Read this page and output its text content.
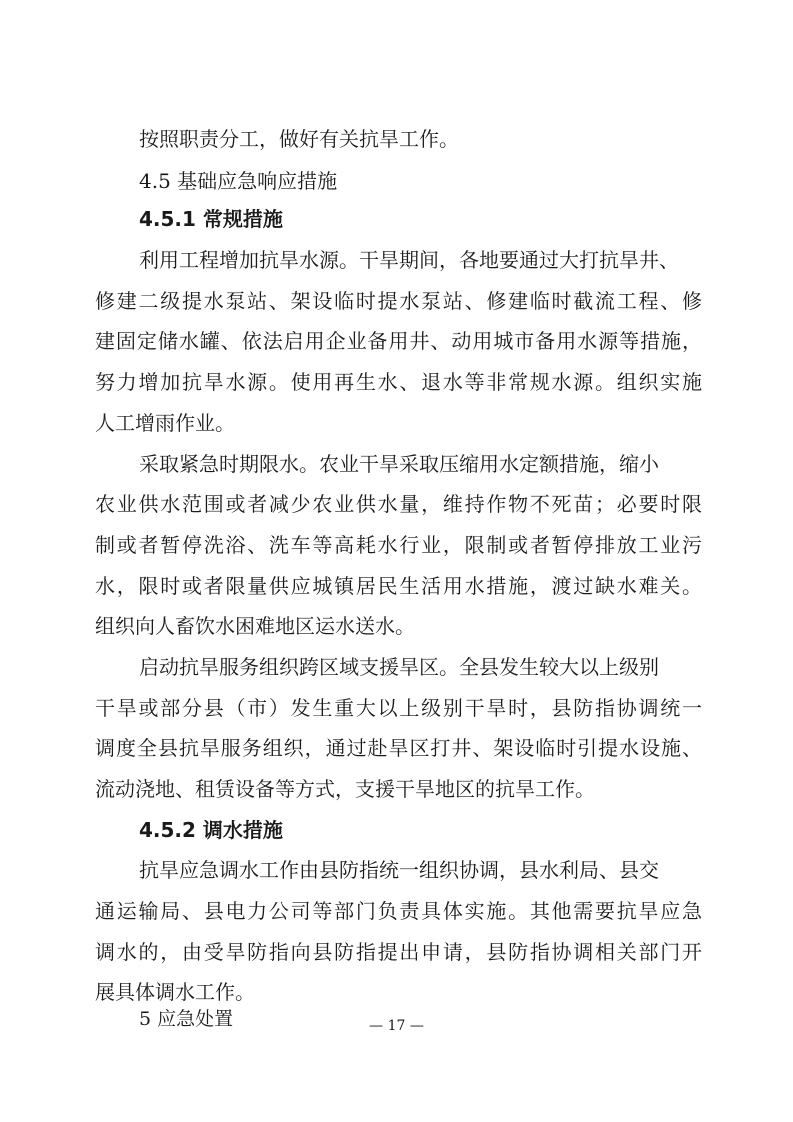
按照职责分工，做好有关抗旱工作。
4.5 基础应急响应措施
4.5.1 常规措施
利用工程增加抗旱水源。干旱期间，各地要通过大打抗旱井、
修建二级提水泵站、架设临时提水泵站、修建临时截流工程、修
建固定储水罐、依法启用企业备用井、动用城市备用水源等措施，
努力增加抗旱水源。使用再生水、退水等非常规水源。组织实施
人工增雨作业。
采取紧急时期限水。农业干旱采取压缩用水定额措施，缩小
农业供水范围或者减少农业供水量，维持作物不死苗；必要时限
制或者暂停洗浴、洗车等高耗水行业，限制或者暂停排放工业污
水，限时或者限量供应城镇居民生活用水措施，渡过缺水难关。
组织向人畜饮水困难地区运水送水。
启动抗旱服务组织跨区域支援旱区。全县发生较大以上级别
干旱或部分县（市）发生重大以上级别干旱时，县防指协调统一
调度全县抗旱服务组织，通过赴旱区打井、架设临时引提水设施、
流动浇地、租赁设备等方式，支援干旱地区的抗旱工作。
4.5.2 调水措施
抗旱应急调水工作由县防指统一组织协调，县水利局、县交
通运输局、县电力公司等部门负责具体实施。其他需要抗旱应急
调水的，由受旱防指向县防指提出申请，县防指协调相关部门开
展具体调水工作。
5 应急处置	— 17 —
